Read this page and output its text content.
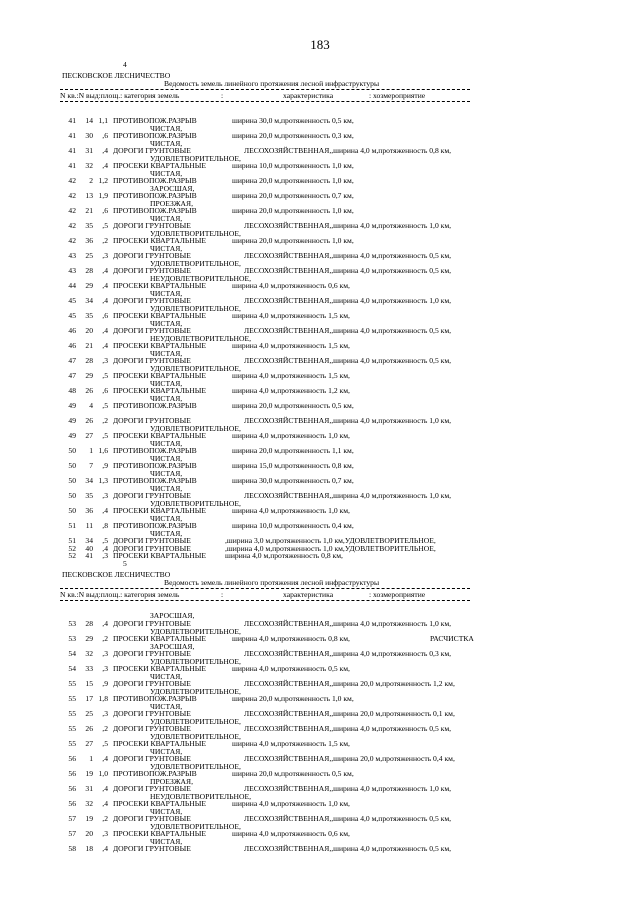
183
4
ПЕСКОВСКОЕ ЛЕСНИЧЕСТВО
Ведомость земель линейного протяжения лесной инфраструктуры
N кв.:N выд:площ.: категория земель	:	характеристика	: хозмероприятие
41	14 1,1 ПРОТИВОПОЖ.РАЗРЫВ	ширина 30,0 м,протяженность 0,5 км,
ЧИСТАЯ,
41	30	,6 ПРОТИВОПОЖ.РАЗРЫВ	ширина 20,0 м,протяженность 0,3 км,
ЧИСТАЯ,
41	31	,4 ДОРОГИ ГРУНТОВЫЕ	ЛЕСОХОЗЯЙСТВЕННАЯ,,ширина 4,0 м,протяженность 0,8 км,
УДОВЛЕТВОРИТЕЛЬНОЕ,
41	32	,4 ПРОСЕКИ КВАРТАЛЬНЫЕ	ширина 10,0 м,протяженность 1,0 км,
ЧИСТАЯ,
42	2 1,2 ПРОТИВОПОЖ.РАЗРЫВ	ширина 20,0 м,протяженность 1,0 км,
ЗАРОСШАЯ,
42	13 1,9 ПРОТИВОПОЖ.РАЗРЫВ	ширина 20,0 м,протяженность 0,7 км,
ПРОЕЗЖАЯ,
42	21	,6 ПРОТИВОПОЖ.РАЗРЫВ	ширина 20,0 м,протяженность 1,0 км,
ЧИСТАЯ,
42	35	,5 ДОРОГИ ГРУНТОВЫЕ	ЛЕСОХОЗЯЙСТВЕННАЯ,,ширина 4,0 м,протяженность 1,0 км,
УДОВЛЕТВОРИТЕЛЬНОЕ,
42	36	,2 ПРОСЕКИ КВАРТАЛЬНЫЕ	ширина 20,0 м,протяженность 1,0 км,
ЧИСТАЯ,
43	25	,3 ДОРОГИ ГРУНТОВЫЕ	ЛЕСОХОЗЯЙСТВЕННАЯ,,ширина 4,0 м,протяженность 0,5 км,
УДОВЛЕТВОРИТЕЛЬНОЕ,
43	28	,4 ДОРОГИ ГРУНТОВЫЕ	ЛЕСОХОЗЯЙСТВЕННАЯ,,ширина 4,0 м,протяженность 0,5 км,
НЕУДОВЛЕТВОРИТЕЛЬНОЕ,
44	29	,4 ПРОСЕКИ КВАРТАЛЬНЫЕ	ширина 4,0 м,протяженность 0,6 км,
ЧИСТАЯ,
45	34	,4 ДОРОГИ ГРУНТОВЫЕ	ЛЕСОХОЗЯЙСТВЕННАЯ,,ширина 4,0 м,протяженность 1,0 км,
УДОВЛЕТВОРИТЕЛЬНОЕ,
45	35	,6 ПРОСЕКИ КВАРТАЛЬНЫЕ	ширина 4,0 м,протяженность 1,5 км,
ЧИСТАЯ,
46	20	,4 ДОРОГИ ГРУНТОВЫЕ	ЛЕСОХОЗЯЙСТВЕННАЯ,,ширина 4,0 м,протяженность 0,5 км,
НЕУДОВЛЕТВОРИТЕЛЬНОЕ,
46	21	,4 ПРОСЕКИ КВАРТАЛЬНЫЕ	ширина 4,0 м,протяженность 1,5 км,
ЧИСТАЯ,
47	28	,3 ДОРОГИ ГРУНТОВЫЕ	ЛЕСОХОЗЯЙСТВЕННАЯ,,ширина 4,0 м,протяженность 0,5 км,
УДОВЛЕТВОРИТЕЛЬНОЕ,
47	29	,5 ПРОСЕКИ КВАРТАЛЬНЫЕ	ширина 4,0 м,протяженность 1,5 км,
ЧИСТАЯ,
48	26	,6 ПРОСЕКИ КВАРТАЛЬНЫЕ	ширина 4,0 м,протяженность 1,2 км,
ЧИСТАЯ,
49	4	,5 ПРОТИВОПОЖ.РАЗРЫВ	ширина 20,0 м,протяженность 0,5 км,
49	26	,2 ДОРОГИ ГРУНТОВЫЕ	ЛЕСОХОЗЯЙСТВЕННАЯ,,ширина 4,0 м,протяженность 1,0 км,
УДОВЛЕТВОРИТЕЛЬНОЕ,
49	27	,5 ПРОСЕКИ КВАРТАЛЬНЫЕ	ширина 4,0 м,протяженность 1,0 км,
ЧИСТАЯ,
50	1 1,6 ПРОТИВОПОЖ.РАЗРЫВ	ширина 20,0 м,протяженность 1,1 км,
ЧИСТАЯ,
50	7	,9 ПРОТИВОПОЖ.РАЗРЫВ	ширина 15,0 м,протяженность 0,8 км,
ЧИСТАЯ,
50	34 1,3 ПРОТИВОПОЖ.РАЗРЫВ	ширина 30,0 м,протяженность 0,7 км,
ЧИСТАЯ,
50	35	,3 ДОРОГИ ГРУНТОВЫЕ	ЛЕСОХОЗЯЙСТВЕННАЯ,,ширина 4,0 м,протяженность 1,0 км,
УДОВЛЕТВОРИТЕЛЬНОЕ,
50	36	,4 ПРОСЕКИ КВАРТАЛЬНЫЕ	ширина 4,0 м,протяженность 1,0 км,
ЧИСТАЯ,
51	11	,8 ПРОТИВОПОЖ.РАЗРЫВ	ширина 10,0 м,протяженность 0,4 км,
ЧИСТАЯ,
51	34	,5 ДОРОГИ ГРУНТОВЫЕ	,ширина 3,0 м,протяженность 1,0 км,УДОВЛЕТВОРИТЕЛЬНОЕ,
52	40	,4 ДОРОГИ ГРУНТОВЫЕ	,ширина 4,0 м,протяженность 1,0 км,УДОВЛЕТВОРИТЕЛЬНОЕ,
52	41	,3 ПРОСЕКИ КВАРТАЛЬНЫЕ	ширина 4,0 м,протяженность 0,8 км,
5
ПЕСКОВСКОЕ ЛЕСНИЧЕСТВО
Ведомость земель линейного протяжения лесной инфраструктуры
N кв.:N выд:площ.: категория земель	:	характеристика	: хозмероприятие
ЗАРОСШАЯ,
53	28	,4 ДОРОГИ ГРУНТОВЫЕ	ЛЕСОХОЗЯЙСТВЕННАЯ,,ширина 4,0 м,протяженность 1,0 км,
УДОВЛЕТВОРИТЕЛЬНОЕ,
53	29	,2 ПРОСЕКИ КВАРТАЛЬНЫЕ	ширина 4,0 м,протяженность 0,8 км,
ЗАРОСШАЯ,
РАСЧИСТКА
54	32	,3 ДОРОГИ ГРУНТОВЫЕ	ЛЕСОХОЗЯЙСТВЕННАЯ,,ширина 4,0 м,протяженность 0,3 км,
УДОВЛЕТВОРИТЕЛЬНОЕ,
54	33	,3 ПРОСЕКИ КВАРТАЛЬНЫЕ	ширина 4,0 м,протяженность 0,5 км,
ЧИСТАЯ,
55	15	,9 ДОРОГИ ГРУНТОВЫЕ	ЛЕСОХОЗЯЙСТВЕННАЯ,,ширина 20,0 м,протяженность 1,2 км,
УДОВЛЕТВОРИТЕЛЬНОЕ,
55	17 1,8 ПРОТИВОПОЖ.РАЗРЫВ	ширина 20,0 м,протяженность 1,0 км,
ЧИСТАЯ,
55	25	,3 ДОРОГИ ГРУНТОВЫЕ	ЛЕСОХОЗЯЙСТВЕННАЯ,,ширина 20,0 м,протяженность 0,1 км,
УДОВЛЕТВОРИТЕЛЬНОЕ,
55	26	,2 ДОРОГИ ГРУНТОВЫЕ	ЛЕСОХОЗЯЙСТВЕННАЯ,,ширина 4,0 м,протяженность 0,5 км,
УДОВЛЕТВОРИТЕЛЬНОЕ,
55	27	,5 ПРОСЕКИ КВАРТАЛЬНЫЕ	ширина 4,0 м,протяженность 1,5 км,
ЧИСТАЯ,
56	1	,4 ДОРОГИ ГРУНТОВЫЕ	ЛЕСОХОЗЯЙСТВЕННАЯ,,ширина 20,0 м,протяженность 0,4 км,
УДОВЛЕТВОРИТЕЛЬНОЕ,
56	19 1,0 ПРОТИВОПОЖ.РАЗРЫВ	ширина 20,0 м,протяженность 0,5 км,
ПРОЕЗЖАЯ,
56	31	,4 ДОРОГИ ГРУНТОВЫЕ	ЛЕСОХОЗЯЙСТВЕННАЯ,,ширина 4,0 м,протяженность 1,0 км,
НЕУДОВЛЕТВОРИТЕЛЬНОЕ,
56	32	,4 ПРОСЕКИ КВАРТАЛЬНЫЕ	ширина 4,0 м,протяженность 1,0 км,
ЧИСТАЯ,
57	19	,2 ДОРОГИ ГРУНТОВЫЕ	ЛЕСОХОЗЯЙСТВЕННАЯ,,ширина 4,0 м,протяженность 0,5 км,
УДОВЛЕТВОРИТЕЛЬНОЕ,
57	20	,3 ПРОСЕКИ КВАРТАЛЬНЫЕ	ширина 4,0 м,протяженность 0,6 км,
ЧИСТАЯ,
58	18	,4 ДОРОГИ ГРУНТОВЫЕ	ЛЕСОХОЗЯЙСТВЕННАЯ,,ширина 4,0 м,протяженность 0,5 км,
